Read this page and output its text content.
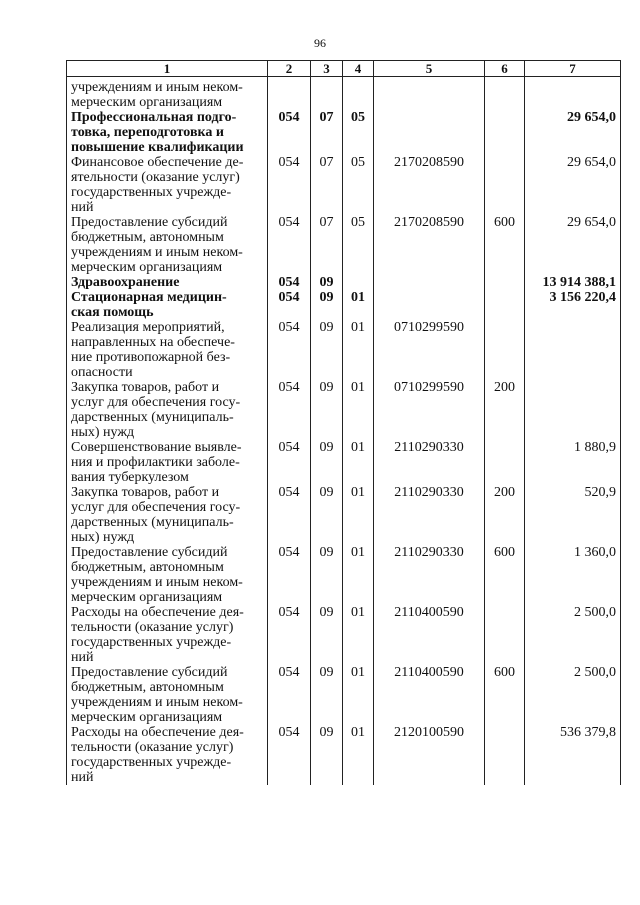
96
1	2	3	4	5	6	7
учреждениям и иным неком-
мерческим организациям						
Профессиональная подго-
товка, переподготовка и
повышение квалификации	054	07	05			29 654,0
Финансовое обеспечение де-
ятельности (оказание услуг)
государственных учрежде-
ний	054	07	05	2170208590		29 654,0
Предоставление субсидий
бюджетным, автономным
учреждениям и иным неком-
мерческим организациям	054	07	05	2170208590	600	29 654,0
Здравоохранение	054	09				13 914 388,1
Стационарная медицин-
ская помощь	054	09	01			3 156 220,4
Реализация мероприятий,
направленных на обеспече-
ние противопожарной без-
опасности	054	09	01	0710299590		
Закупка товаров, работ и
услуг для обеспечения госу-
дарственных (муниципаль-
ных) нужд	054	09	01	0710299590	200	
Совершенствование выявле-
ния и профилактики заболе-
вания туберкулезом	054	09	01	2110290330		1 880,9
Закупка товаров, работ и
услуг для обеспечения госу-
дарственных (муниципаль-
ных) нужд	054	09	01	2110290330	200	520,9
Предоставление субсидий
бюджетным, автономным
учреждениям и иным неком-
мерческим организациям	054	09	01	2110290330	600	1 360,0
Расходы на обеспечение дея-
тельности (оказание услуг)
государственных учрежде-
ний	054	09	01	2110400590		2 500,0
Предоставление субсидий
бюджетным, автономным
учреждениям и иным неком-
мерческим организациям	054	09	01	2110400590	600	2 500,0
Расходы на обеспечение дея-
тельности (оказание услуг)
государственных учрежде-
ний	054	09	01	2120100590		536 379,8
